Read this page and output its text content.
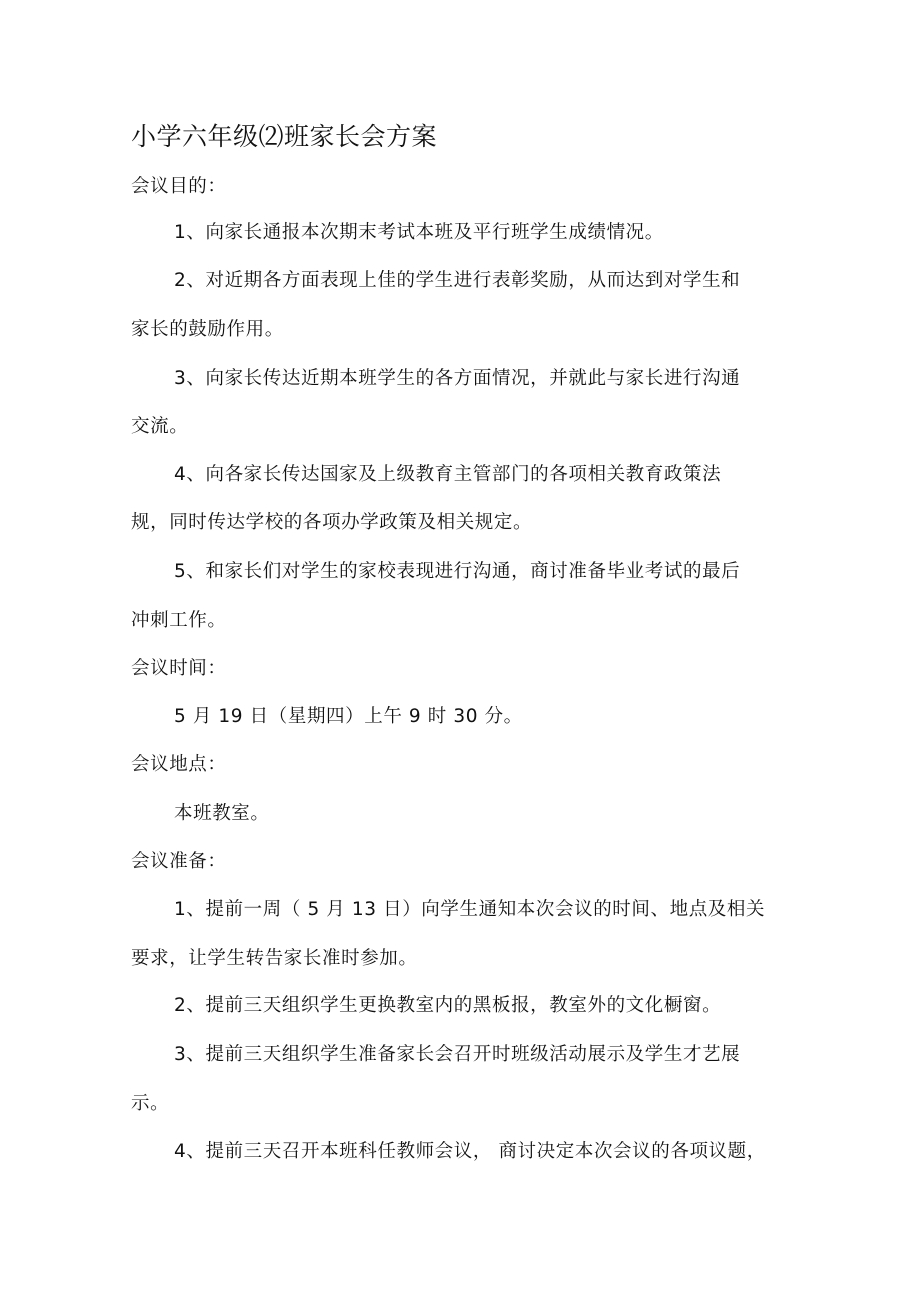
小学六年级⑵班家长会方案
会议目的：
1、向家长通报本次期末考试本班及平行班学生成绩情况。
2、对近期各方面表现上佳的学生进行表彰奖励，从而达到对学生和
家长的鼓励作用。
3、向家长传达近期本班学生的各方面情况，并就此与家长进行沟通
交流。
4、向各家长传达国家及上级教育主管部门的各项相关教育政策法
规，同时传达学校的各项办学政策及相关规定。
5、和家长们对学生的家校表现进行沟通，商讨准备毕业考试的最后
冲刺工作。
会议时间：
5 月 19 日（星期四）上午 9 时 30 分。
会议地点：
本班教室。
会议准备：
1、提前一周（ 5 月 13 日）向学生通知本次会议的时间、地点及相关
要求，让学生转告家长准时参加。
2、提前三天组织学生更换教室内的黑板报，教室外的文化橱窗。
3、提前三天组织学生准备家长会召开时班级活动展示及学生才艺展
示。
4、提前三天召开本班科任教师会议， 商讨决定本次会议的各项议题，
